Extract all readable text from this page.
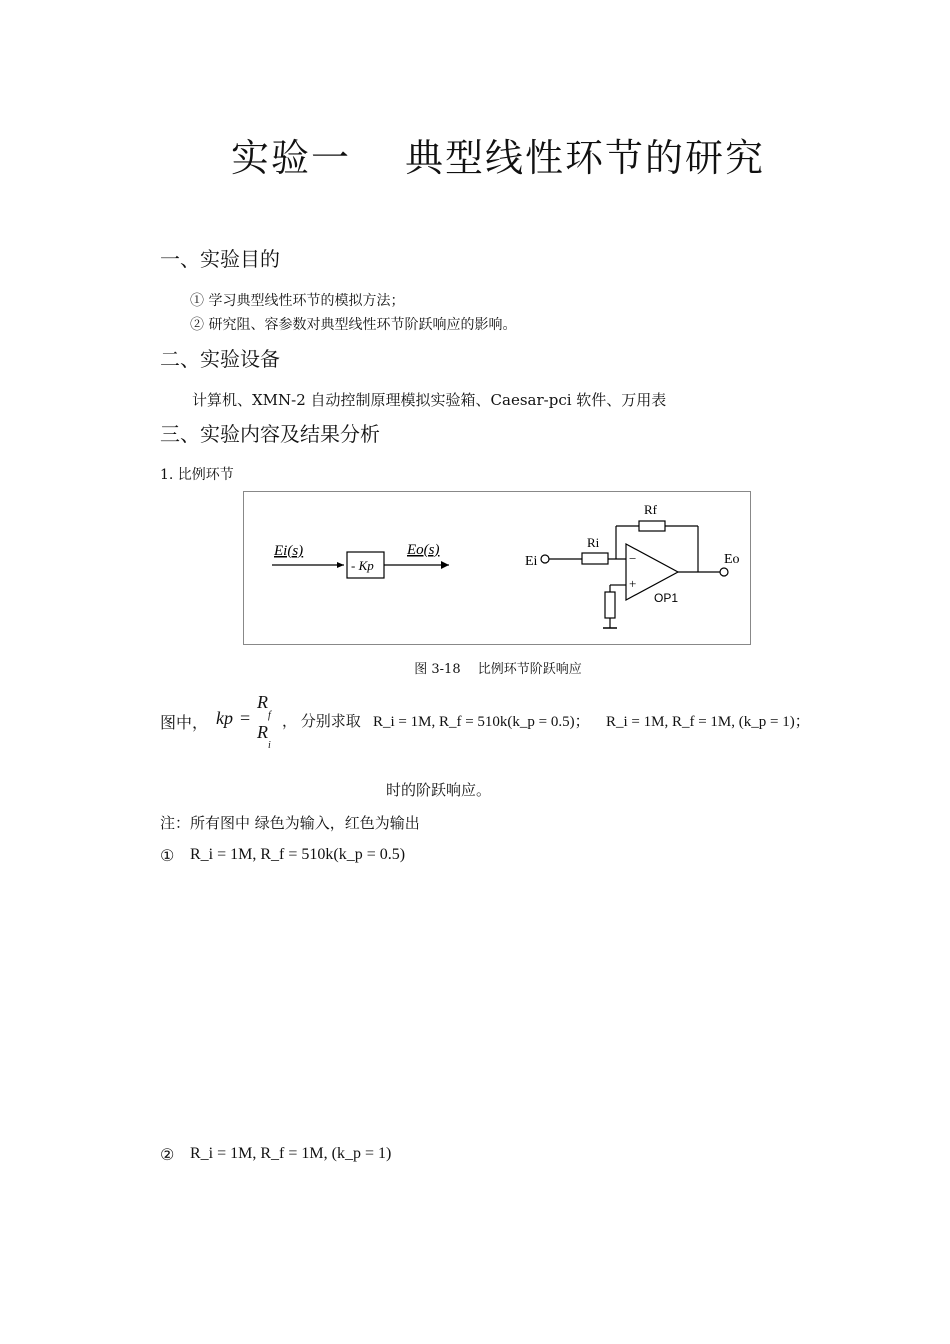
实验一　 典型线性环节的研究
一、实验目的
① 学习典型线性环节的模拟方法；
② 研究阻、容参数对典型线性环节阶跃响应的影响。
二、实验设备
计算机、XMN-2 自动控制原理模拟实验箱、Caesar-pci 软件、万用表
三、实验内容及结果分析
1. 比例环节
Ei(s)
- Kp
Eo(s)
Ei
Ri
Rf
−
+
Eo
OP1
图 3-18　 比例环节阶跃响应
图中， kp =
R
f
R
i
， 分别求取 R_i = 1M, R_f = 510k(k_p = 0.5)； R_i = 1M, R_f = 1M, (k_p = 1)；
时的阶跃响应。
注：所有图中 绿色为输入，红色为输出
① R_i = 1M, R_f = 510k(k_p = 0.5)
② R_i = 1M, R_f = 1M, (k_p = 1)
